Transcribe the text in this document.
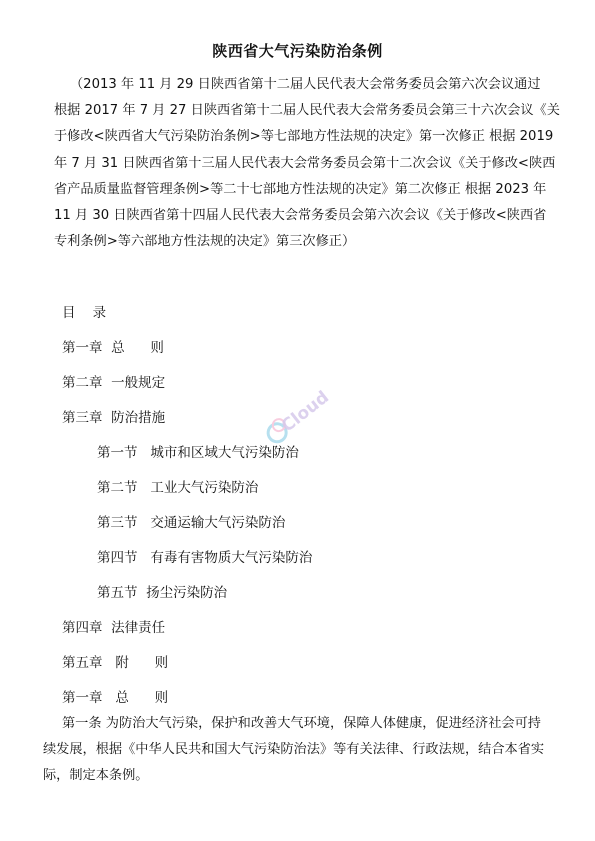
陕西省大气污染防治条例
（2013 年 11 月 29 日陕西省第十二届人民代表大会常务委员会第六次会议通过
根据 2017 年 7 月 27 日陕西省第十二届人民代表大会常务委员会第三十六次会议《关
于修改<陕西省大气污染防治条例>等七部地方性法规的决定》第一次修正 根据 2019
年 7 月 31 日陕西省第十三届人民代表大会常务委员会第十二次会议《关于修改<陕西
省产品质量监督管理条例>等二十七部地方性法规的决定》第二次修正 根据 2023 年
11 月 30 日陕西省第十四届人民代表大会常务委员会第六次会议《关于修改<陕西省
专利条例>等六部地方性法规的决定》第三次修正）
目    录
第一章  总      则
第二章  一般规定
第三章  防治措施
第一节   城市和区域大气污染防治
第二节   工业大气污染防治
第三节   交通运输大气污染防治
第四节   有毒有害物质大气污染防治
第五节  扬尘污染防治
第四章  法律责任
第五章   附      则
第一章   总      则
第一条 为防治大气污染，保护和改善大气环境，保障人体健康，促进经济社会可持
续发展，根据《中华人民共和国大气污染防治法》等有关法律、行政法规，结合本省实
际，制定本条例。
Cloud
